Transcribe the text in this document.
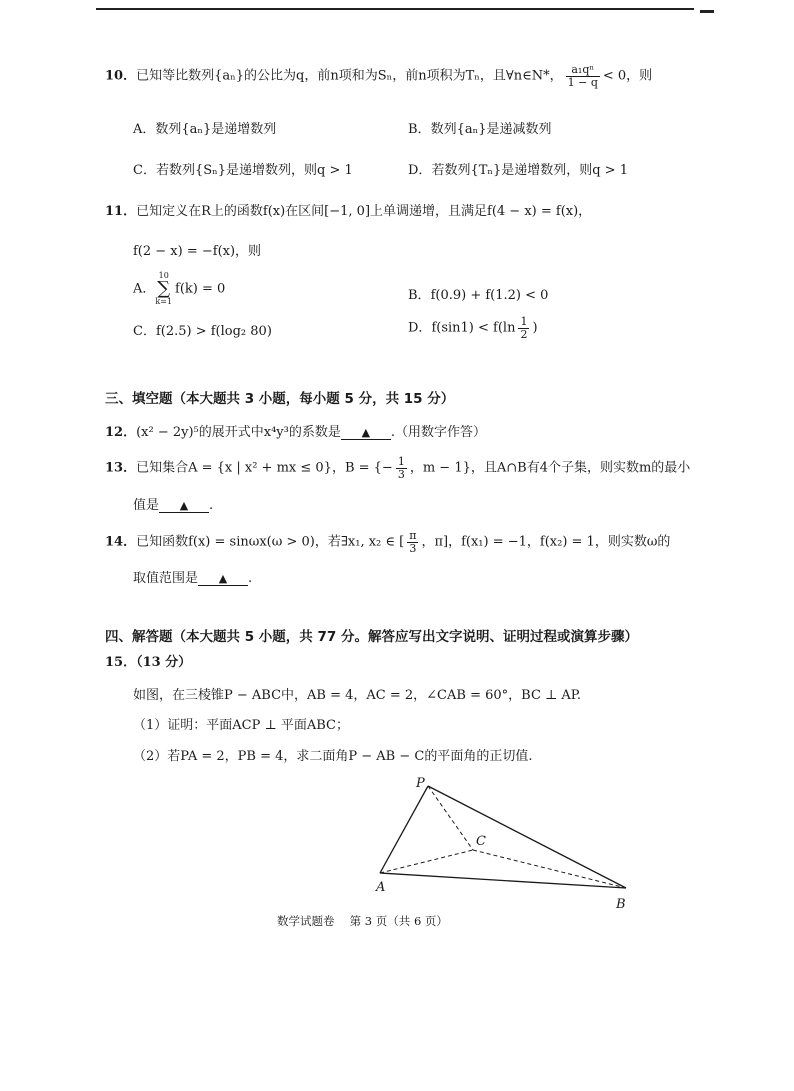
10．已知等比数列{aₙ}的公比为q，前n项和为Sₙ，前n项积为Tₙ，且∀n∈N*， $\frac{\text{a₁qⁿ}}{1 - q} < 0$，则
A．数列{aₙ}是递增数列	B．数列{aₙ}是递减数列
C．若数列{Sₙ}是递增数列，则q > 1	D．若数列{Tₙ}是递增数列，则q > 1
11．已知定义在R上的函数f(x)在区间[−1, 0]上单调递增，且满足f(4 − x) = f(x)，
f(2 − x) = −f(x)，则
A．10
∑
k=1f(k) = 0	B．f(0.9) + f(1.2) < 0
C．f(2.5) > f(log₂ 80)	D．$f(\sin 1) < f(\ln \frac{1}{2}$ )
三、填空题（本大题共 3 小题，每小题 5 分，共 15 分）
12．(x² − 2y)⁵的展开式中x⁴y³的系数是 ▲ .（用数字作答）
13．已知集合A = {x | x² + mx ≤ 0}，B = {− $\frac{1}{3}$ ，m − 1}，且A∩B有4个子集，则实数m的最小
值是 ▲ .
14．已知函数f(x) = sinωx(ω > 0)，若∃x₁, x₂ ∈ [ $\frac{\pi}{3}$ ，π]，f(x₁) = −1，f(x₂) = 1，则实数ω的
取值范围是 ▲ .
四、解答题（本大题共 5 小题，共 77 分。解答应写出文字说明、证明过程或演算步骤）
15．（13 分）
如图，在三棱锥P − ABC中，AB = 4，AC = 2，∠CAB = 60°，BC ⊥ AP.
（1）证明：平面ACP ⊥ 平面ABC；
（2）若PA = 2，PB = 4，求二面角P − AB − C的平面角的正切值.
P
C
A
B
数学试题卷　 第 3 页（共 6 页）
